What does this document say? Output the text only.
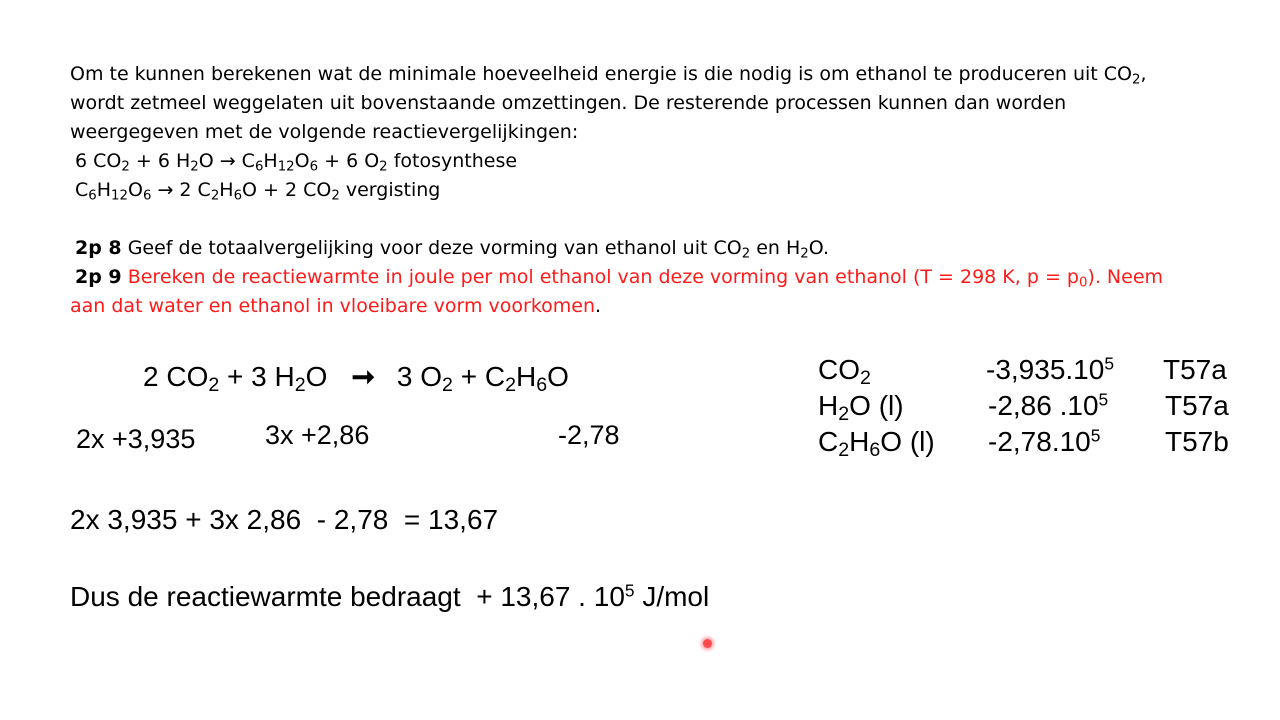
Om te kunnen berekenen wat de minimale hoeveelheid energie is die nodig is om ethanol te produceren uit $CO_2$,
wordt zetmeel weggelaten uit bovenstaande omzettingen. De resterende processen kunnen dan worden
weergegeven met de volgende reactievergelijkingen:
6 $CO_2 + 6$ $H_2O \to C_6H_{12}O_6 + 6$ $O_2$ fotosynthese
$C_6H_{12}O_6 \to 2$ $C_2H_6O + 2$ $CO_2$ vergisting
2p 8 Geef de totaalvergelijking voor deze vorming van ethanol uit $CO_2$ en $H_2O$.
2p 9 Bereken de reactiewarmte in joule per mol ethanol van deze vorming van ethanol (T = 298 K, $p = p_0$). Neem
aan dat water en ethanol in vloeibare vorm voorkomen.
2 $CO_2 + 3$ $H_2O$ ➞ 3 $O_2 + C_2H_6O$
2x +3,935	3x +2,86	-2,78
$CO_2$	-3,935.10$^5$ T57a
$H_2O$ (l)	-2,86 $.10^5$ T57a
$C_2H_6O$ (l) -2,78.10$^5$ T57b
2x 3,935 + 3x 2,86  - 2,78  = 13,67
Dus de reactiewarmte bedraagt  + 13,67 . $10^5$ J/mol
